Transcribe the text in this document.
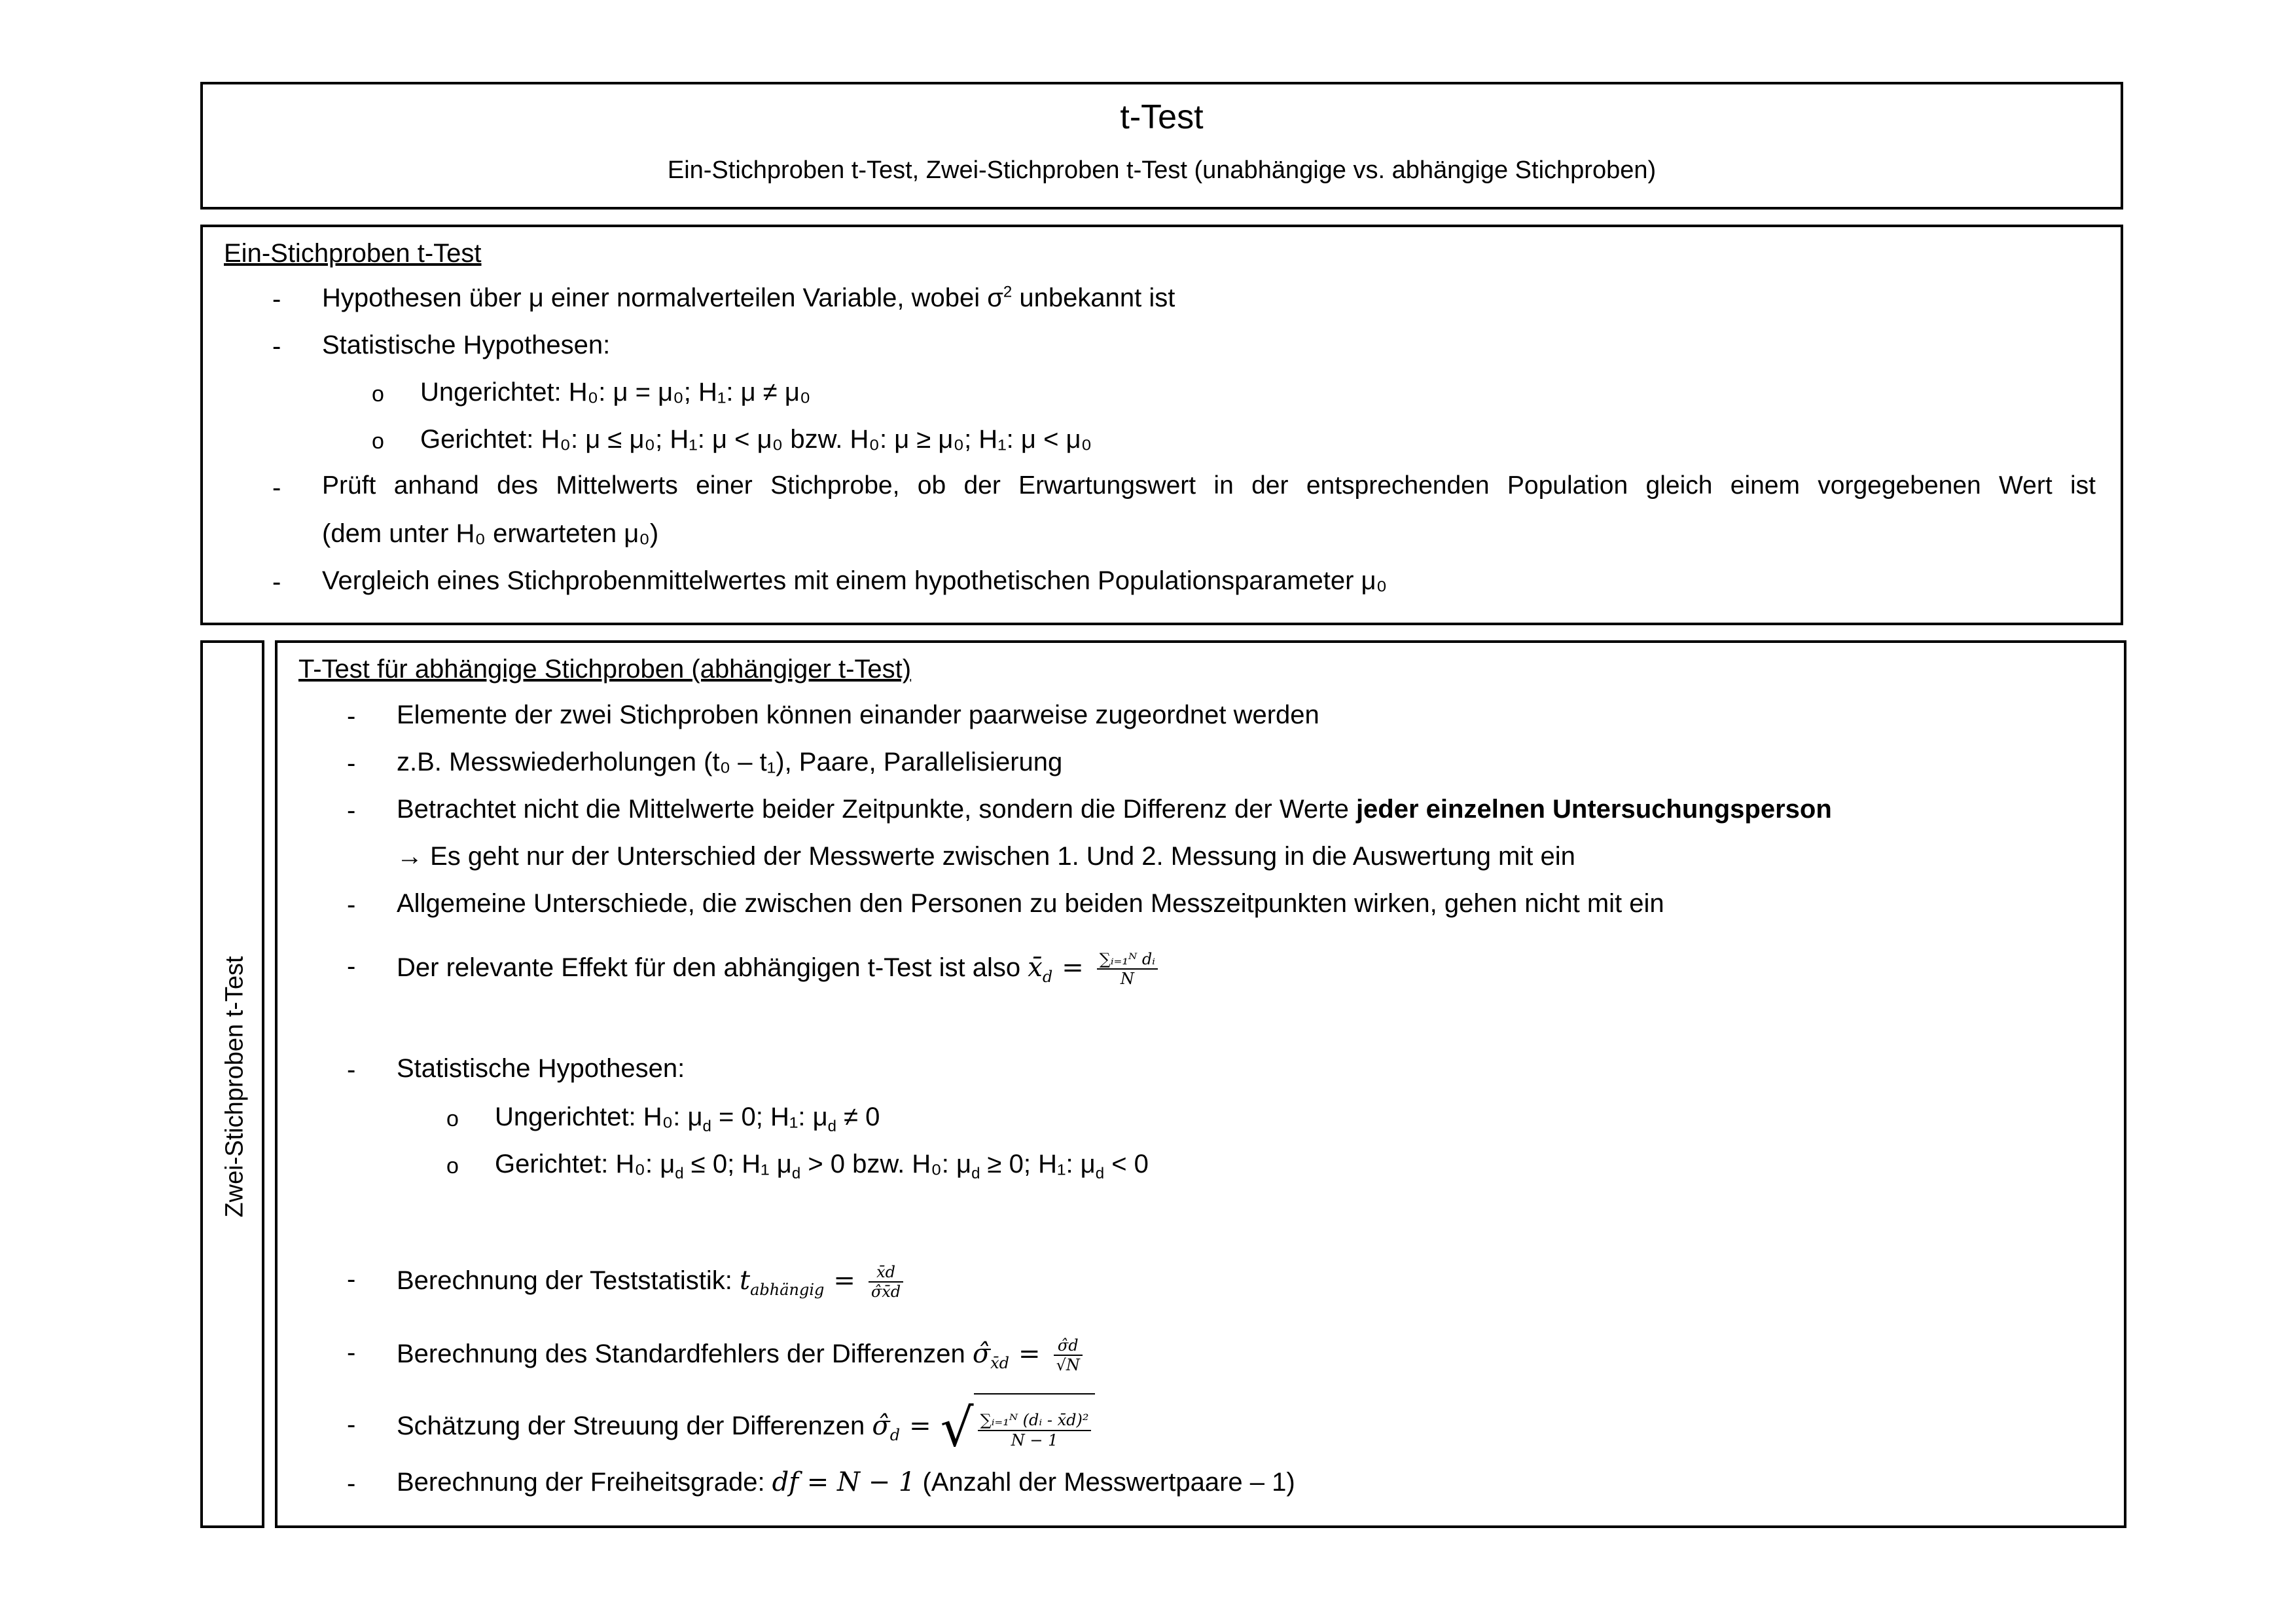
t-Test
Ein-Stichproben t-Test, Zwei-Stichproben t-Test (unabhängige vs. abhängige Stichproben)
Ein-Stichproben t-Test
- Hypothesen über μ einer normalverteilen Variable, wobei $\sigma^2$ unbekannt ist
- Statistische Hypothesen:
o Ungerichtet: H₀: μ = μ₀; H₁: μ ≠ μ₀
o Gerichtet: H₀: μ ≤ μ₀; H₁: μ < μ₀ bzw. H₀: μ ≥ μ₀; H₁: μ < μ₀
- Prüft anhand des Mittelwerts einer Stichprobe, ob der Erwartungswert in der entsprechenden Population gleich einem vorgegebenen Wert ist
(dem unter H₀ erwarteten μ₀)
- Vergleich eines Stichprobenmittelwertes mit einem hypothetischen Populationsparameter μ₀
Zwei-Stichproben t-Test
T-Test für abhängige Stichproben (abhängiger t-Test)
- Elemente der zwei Stichproben können einander paarweise zugeordnet werden
- z.B. Messwiederholungen (t₀ – t₁), Paare, Parallelisierung
- Betrachtet nicht die Mittelwerte beider Zeitpunkte, sondern die Differenz der Werte jeder einzelnen Untersuchungsperson
→ Es geht nur der Unterschied der Messwerte zwischen 1. Und 2. Messung in die Auswertung mit ein
- Allgemeine Unterschiede, die zwischen den Personen zu beiden Messzeitpunkten wirken, gehen nicht mit ein
- Der relevante Effekt für den abhängigen t-Test ist also $x̄_d = \frac{\text{∑ᵢ₌₁ᴺ dᵢ}}{N}$
- Statistische Hypothesen:
o Ungerichtet: H₀: $\mu_d = 0$; H₁: $\mu_d \ne 0$
o Gerichtet: H₀: $\mu_d \le 0$; H₁ $\mu_d > 0$ bzw. H₀: $\mu_d \ge 0$; H₁: $\mu_d < 0$
- Berechnung der Teststatistik: $t_{abhängig} = \frac{x̄d}{\sigmâx̄d}$
- Berechnung des Standardfehlers der Differenzen $\sigmâ_{x̄d} = \frac{\sigmâd}{√N}$
- Schätzung der Streuung der Differenzen $\sigmâ_d$ = √ $\frac{\text{∑ᵢ₌₁ᴺ (dᵢ - x̄d)²}}{N - 1}$
- Berechnung der Freiheitsgrade: df = N − 1 (Anzahl der Messwertpaare – 1)
